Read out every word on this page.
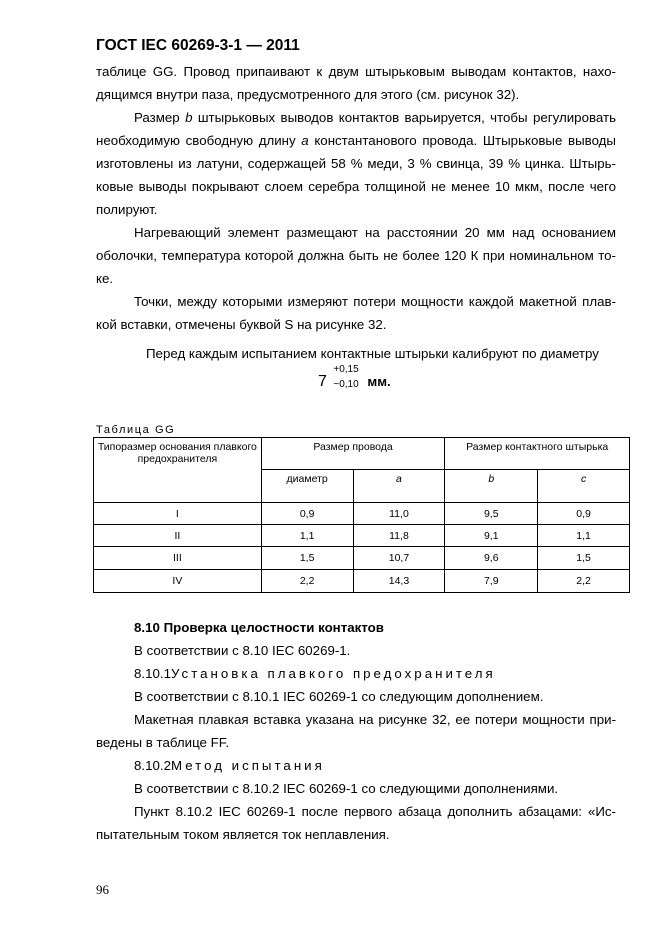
ГОСТ IEC 60269-3-1 — 2011
таблице GG. Провод припаивают к двум штырьковым выводам контактов, нахо-
дящимся внутри паза, предусмотренного для этого (см. рисунок 32).
Размер b штырьковых выводов контактов варьируется, чтобы регулировать
необходимую свободную длину a константанового провода. Штырьковые выводы
изготовлены из латуни, содержащей 58 % меди, 3 % свинца, 39 % цинка. Штырь-
ковые выводы покрывают слоем серебра толщиной не менее 10 мкм, после чего
полируют.
Нагревающий элемент размещают на расстоянии 20 мм над основанием
оболочки, температура которой должна быть не более 120 К при номинальном то-
ке.
Точки, между которыми измеряют потери мощности каждой макетной плав-
кой вставки, отмечены буквой S на рисунке 32.
Перед каждым испытанием контактные штырьки калибруют по диаметру
7
+0,15
−0,10 мм.
Таблица GG
Типоразмер основания плавкого предохранителя	Размер провода		Размер контактного штырька	
	диаметр	a	b	c
I	0,9	11,0	9,5	0,9
II	1,1	11,8	9,1	1,1
III	1,5	10,7	9,6	1,5
IV	2,2	14,3	7,9	2,2
8.10 Проверка целостности контактов
В соответствии с 8.10 IEC 60269-1.
8.10.1Установка плавкого предохранителя
В соответствии с 8.10.1 IEC 60269-1 со следующим дополнением.
Макетная плавкая вставка указана на рисунке 32, ее потери мощности при-
ведены в таблице FF.
8.10.2Метод испытания
В соответствии с 8.10.2 IEC 60269-1 со следующими дополнениями.
Пункт 8.10.2 IEC 60269-1 после первого абзаца дополнить абзацами: «Ис-
пытательным током является ток неплавления.
96
